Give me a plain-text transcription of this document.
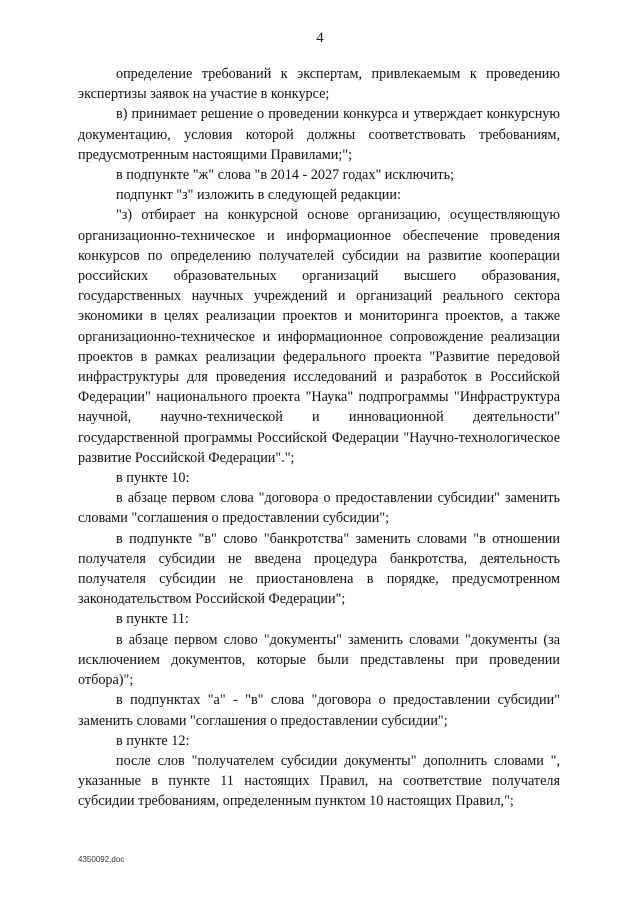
4

определение требований к экспертам, привлекаемым к проведению экспертизы заявок на участие в конкурсе;

в) принимает решение о проведении конкурса и утверждает конкурсную документацию, условия которой должны соответствовать требованиям, предусмотренным настоящими Правилами;";

в подпункте "ж" слова "в 2014 - 2027 годах" исключить;

подпункт "з" изложить в следующей редакции:

"з) отбирает на конкурсной основе организацию, осуществляющую организационно-техническое и информационное обеспечение проведения конкурсов по определению получателей субсидии на развитие кооперации российских образовательных организаций высшего образования, государственных научных учреждений и организаций реального сектора экономики в целях реализации проектов и мониторинга проектов, а также организационно-техническое и информационное сопровождение реализации проектов в рамках реализации федерального проекта "Развитие передовой инфраструктуры для проведения исследований и разработок в Российской Федерации" национального проекта "Наука" подпрограммы "Инфраструктура научной, научно-технической и инновационной деятельности" государственной программы Российской Федерации "Научно-технологическое развитие Российской Федерации".";

в пункте 10:

в абзаце первом слова "договора о предоставлении субсидии" заменить словами "соглашения о предоставлении субсидии";

в подпункте "в" слово "банкротства" заменить словами "в отношении получателя субсидии не введена процедура банкротства, деятельность получателя субсидии не приостановлена в порядке, предусмотренном законодательством Российской Федерации";

в пункте 11:

в абзаце первом слово "документы" заменить словами "документы (за исключением документов, которые были представлены при проведении отбора)";

в подпунктах "а" - "в" слова "договора о предоставлении субсидии" заменить словами "соглашения о предоставлении субсидии";

в пункте 12:

после слов "получателем субсидии документы" дополнить словами ", указанные в пункте 11 настоящих Правил, на соответствие получателя субсидии требованиям, определенным пунктом 10 настоящих Правил,";

4350092.doc
